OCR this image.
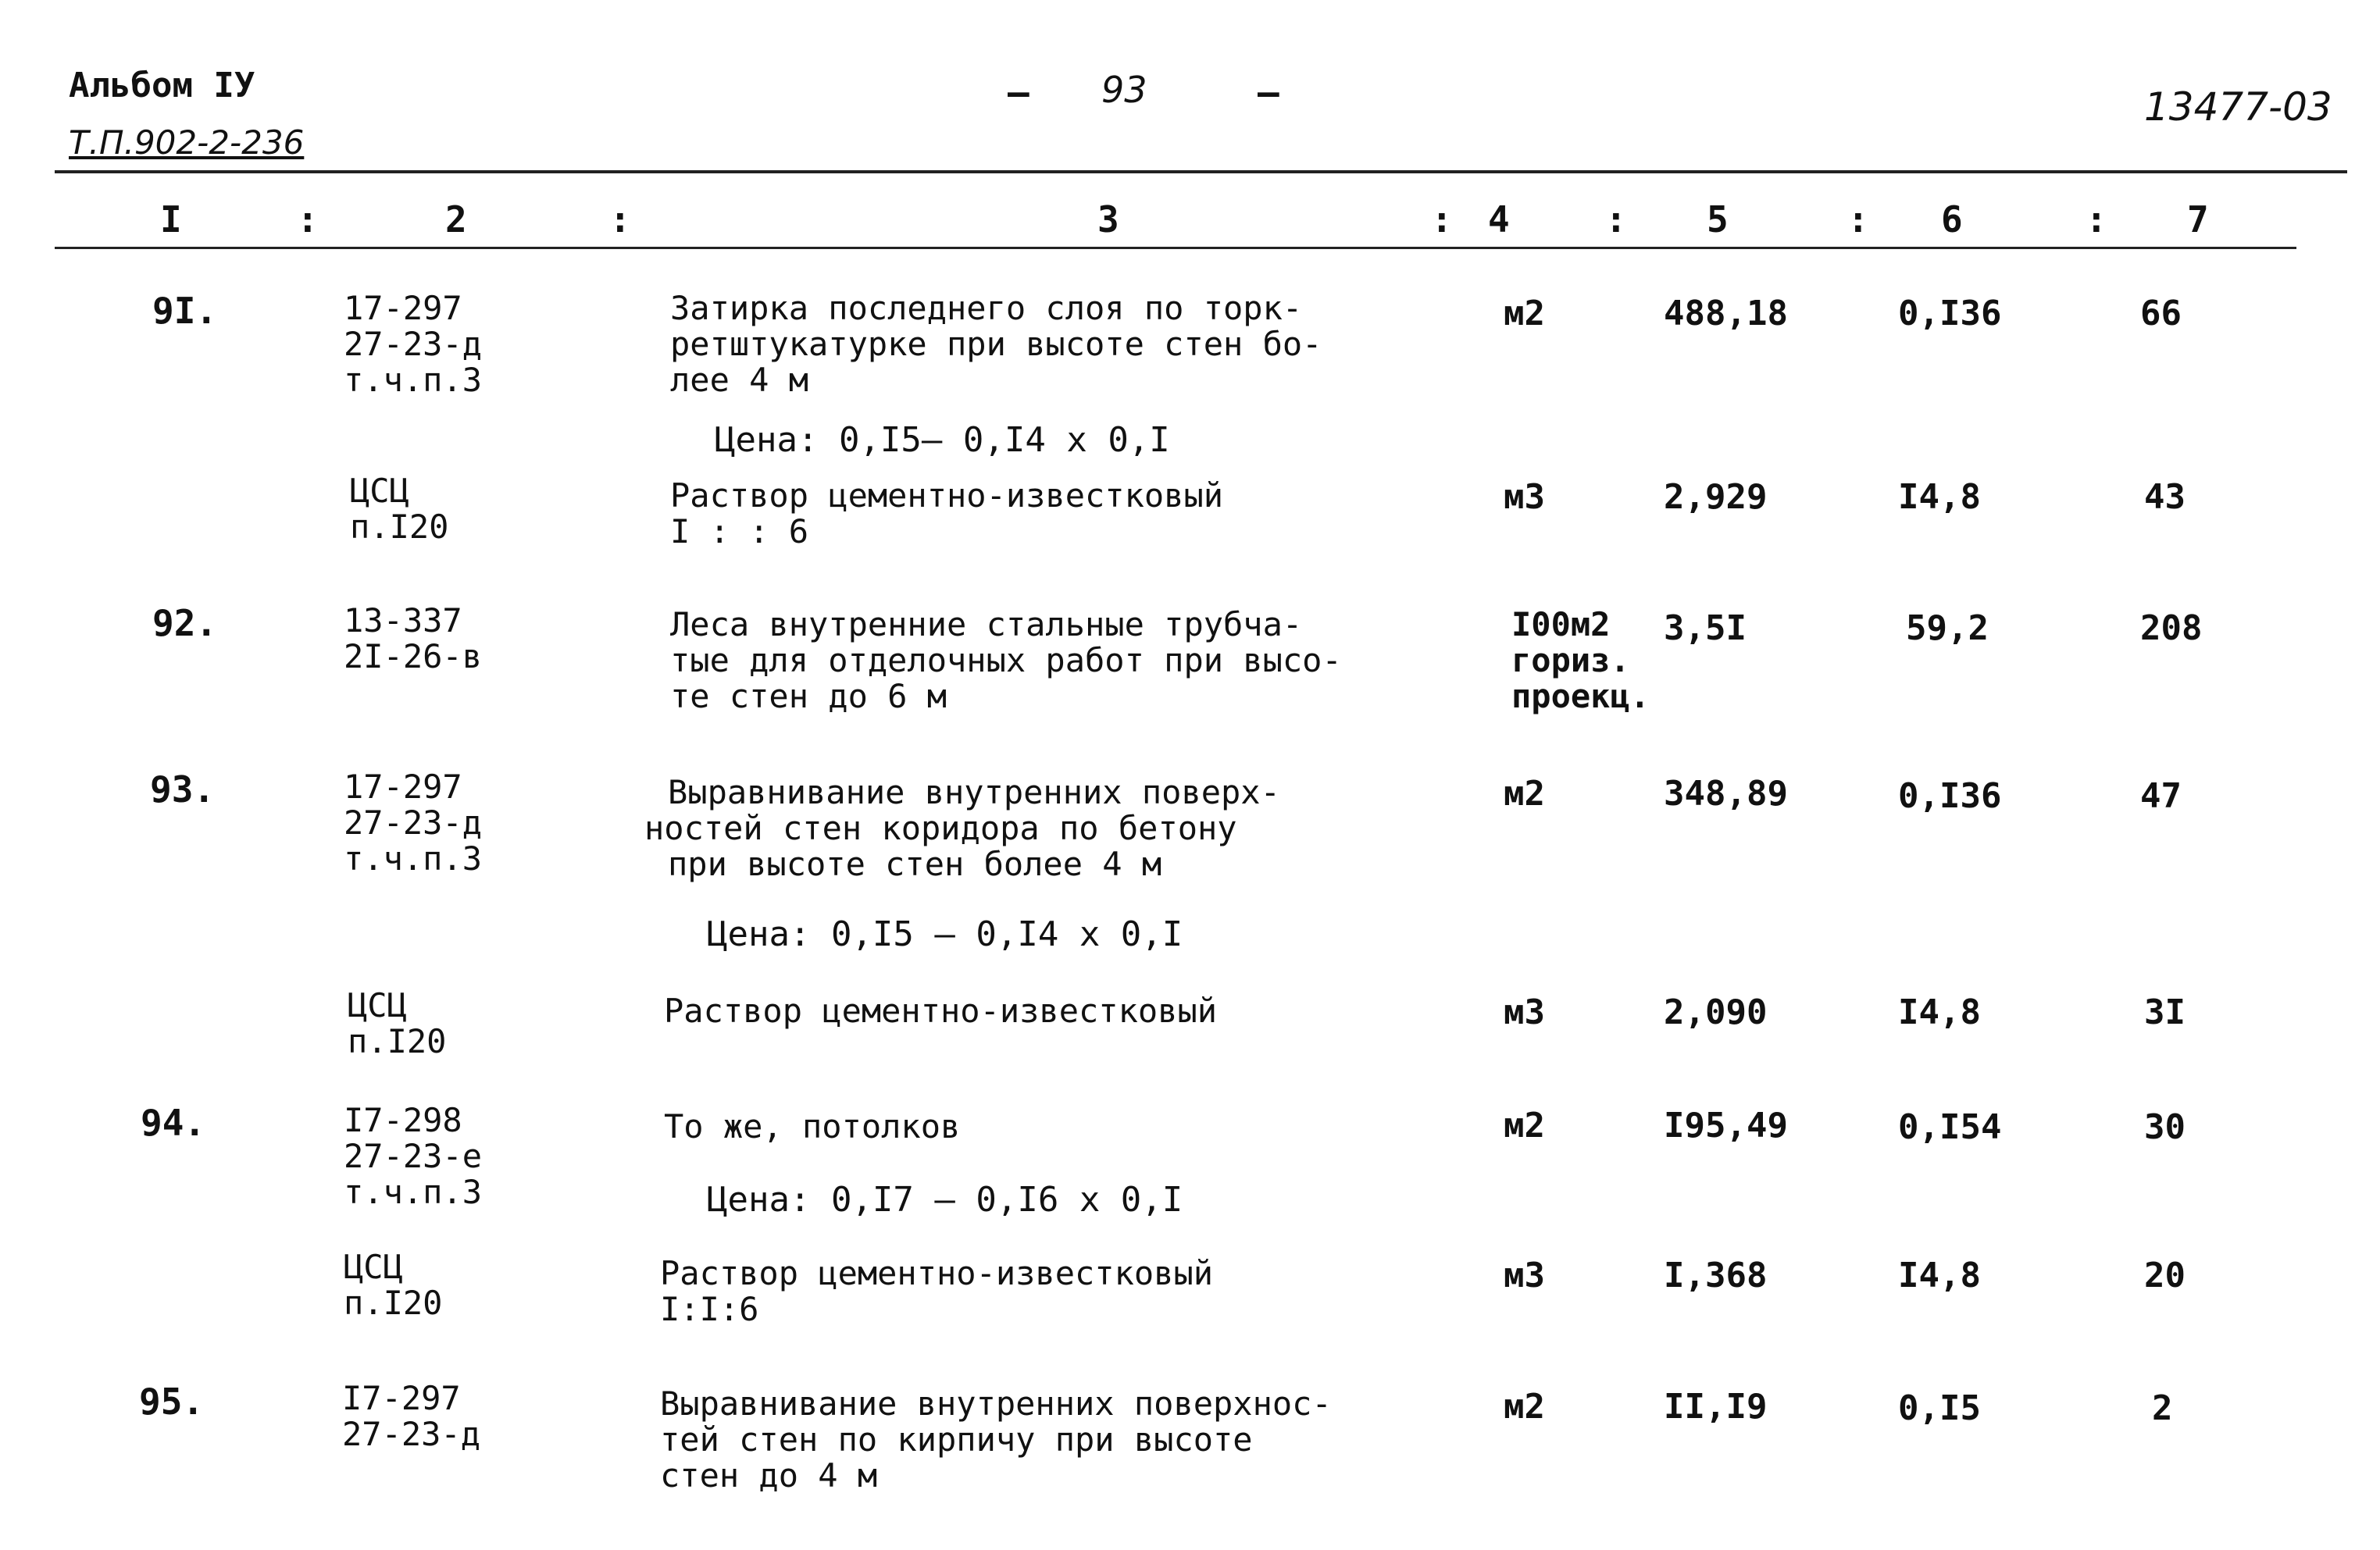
Альбом IУ
Т.П.902-2-236
– 93	–	13477-03
I	:	2	:	3	: 4	: 5	: 6	: 7
9I.	17-297
27-23-д
т.ч.п.3
Затирка последнего слоя по торк-
ретштукатурке при высоте стен бо-
лее 4 м
м2	488,18	0,I36	66
Цена: 0,I5– 0,I4 х 0,I
ЦСЦ
п.I20
Раствор цементно-известковый
I : : 6
м3	2,929	I4,8	43
92.	13-337
2I-26-в
Леса внутренние стальные трубча-
тые для отделочных работ при высо-
те стен до 6 м
I00м2
гориз.
проекц.
3,5I	59,2	208
93.	17-297
27-23-д
т.ч.п.3
Выравнивание внутренних поверх-
ностей стен коридора по бетону
при высоте стен более 4 м
м2	348,89	0,I36	47
Цена: 0,I5 – 0,I4 х 0,I
ЦСЦ
п.I20
Раствор цементно-известковый	м3	2,090	I4,8	3I
94.	I7-298
27-23-е
т.ч.п.3
То же, потолков	м2	I95,49	0,I54	30
Цена: 0,I7 – 0,I6 х 0,I
ЦСЦ
п.I20
Раствор цементно-известковый
I:I:6
м3	I,368	I4,8	20
95.	I7-297
27-23-д
Выравнивание внутренних поверхнос-
тей стен по кирпичу при высоте
стен до 4 м
м2	II,I9	0,I5	2
